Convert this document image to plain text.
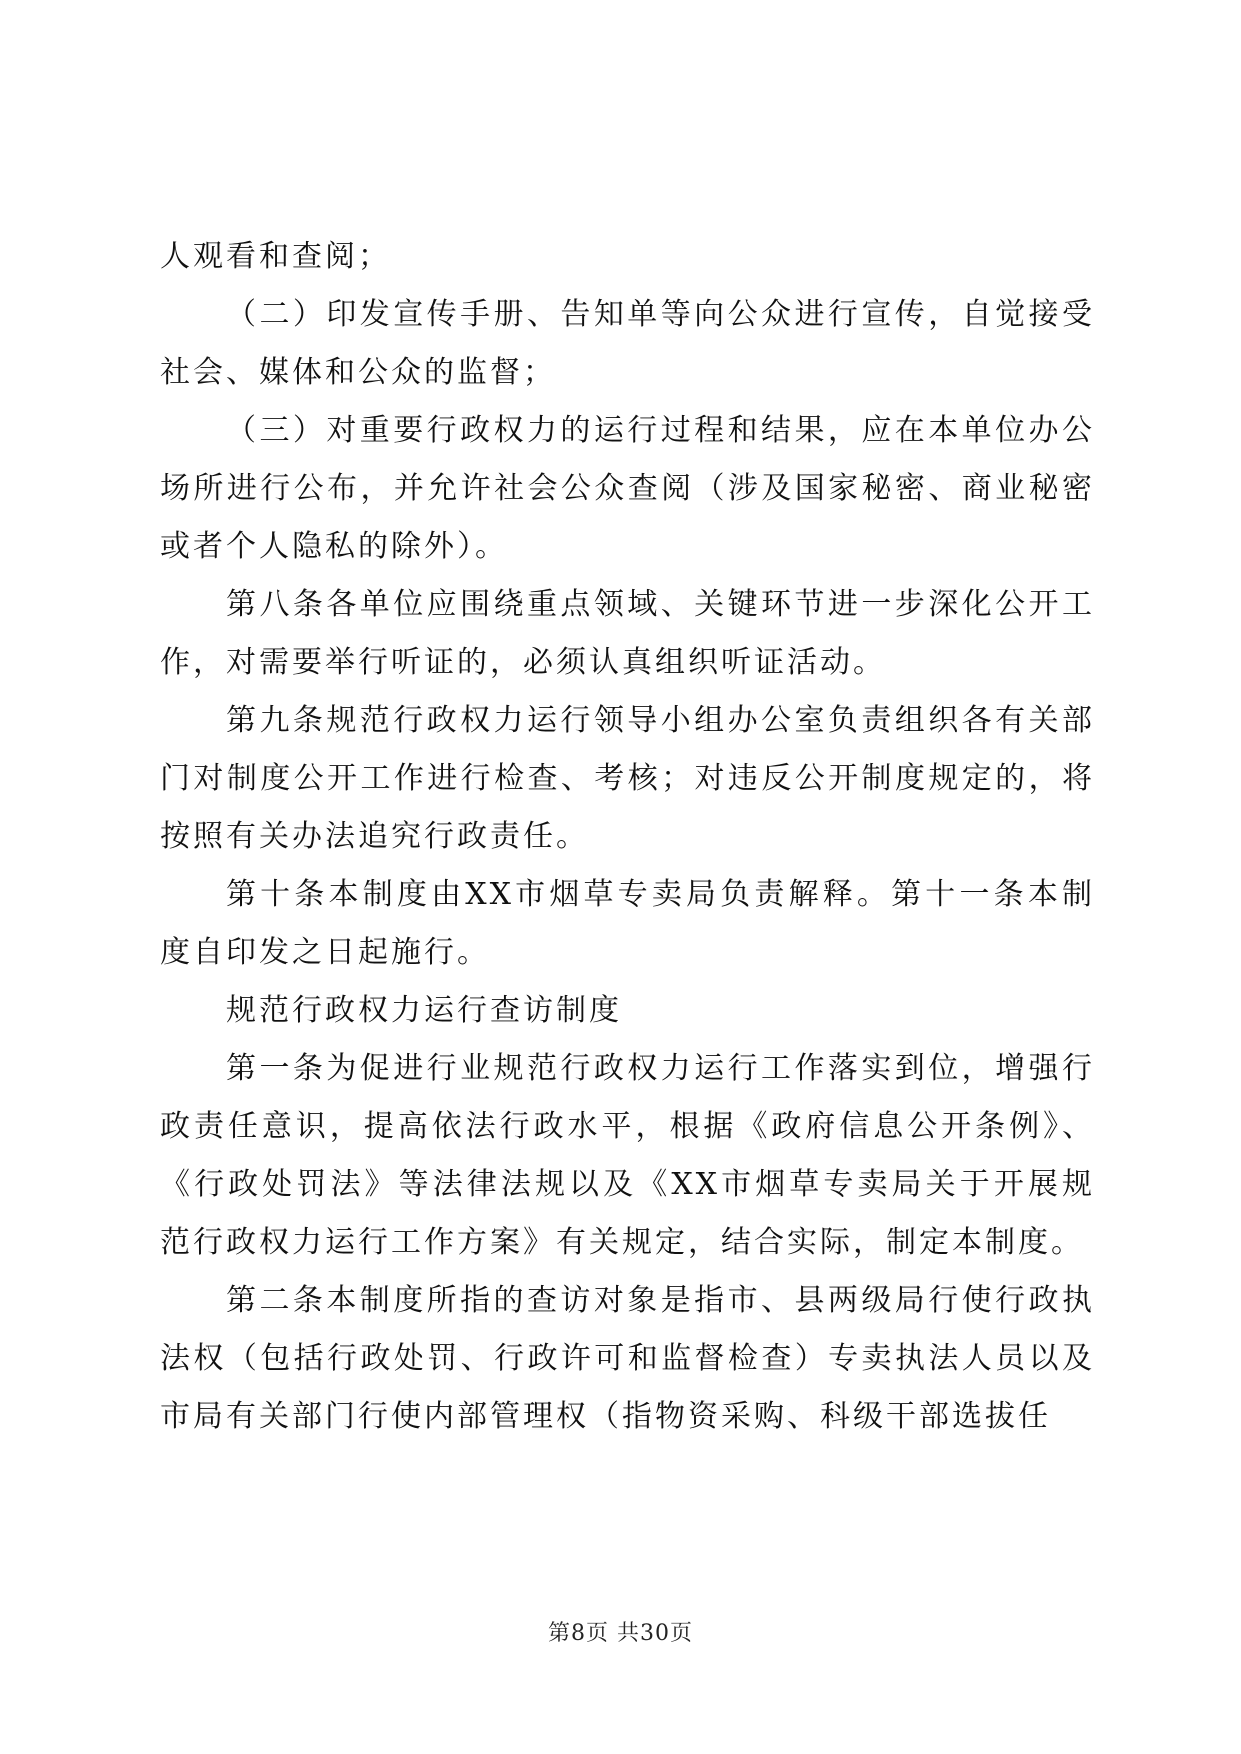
人观看和查阅；

（二）印发宣传手册、告知单等向公众进行宣传，自觉接受社会、媒体和公众的监督；

（三）对重要行政权力的运行过程和结果，应在本单位办公场所进行公布，并允许社会公众查阅（涉及国家秘密、商业秘密或者个人隐私的除外）。

第八条各单位应围绕重点领域、关键环节进一步深化公开工作，对需要举行听证的，必须认真组织听证活动。

第九条规范行政权力运行领导小组办公室负责组织各有关部门对制度公开工作进行检查、考核；对违反公开制度规定的，将按照有关办法追究行政责任。

第十条本制度由XX市烟草专卖局负责解释。第十一条本制度自印发之日起施行。

规范行政权力运行查访制度

第一条为促进行业规范行政权力运行工作落实到位，增强行政责任意识，提高依法行政水平，根据《政府信息公开条例》、《行政处罚法》等法律法规以及《XX市烟草专卖局关于开展规范行政权力运行工作方案》有关规定，结合实际，制定本制度。

第二条本制度所指的查访对象是指市、县两级局行使行政执法权（包括行政处罚、行政许可和监督检查）专卖执法人员以及市局有关部门行使内部管理权（指物资采购、科级干部选拔任

第8页 共30页
